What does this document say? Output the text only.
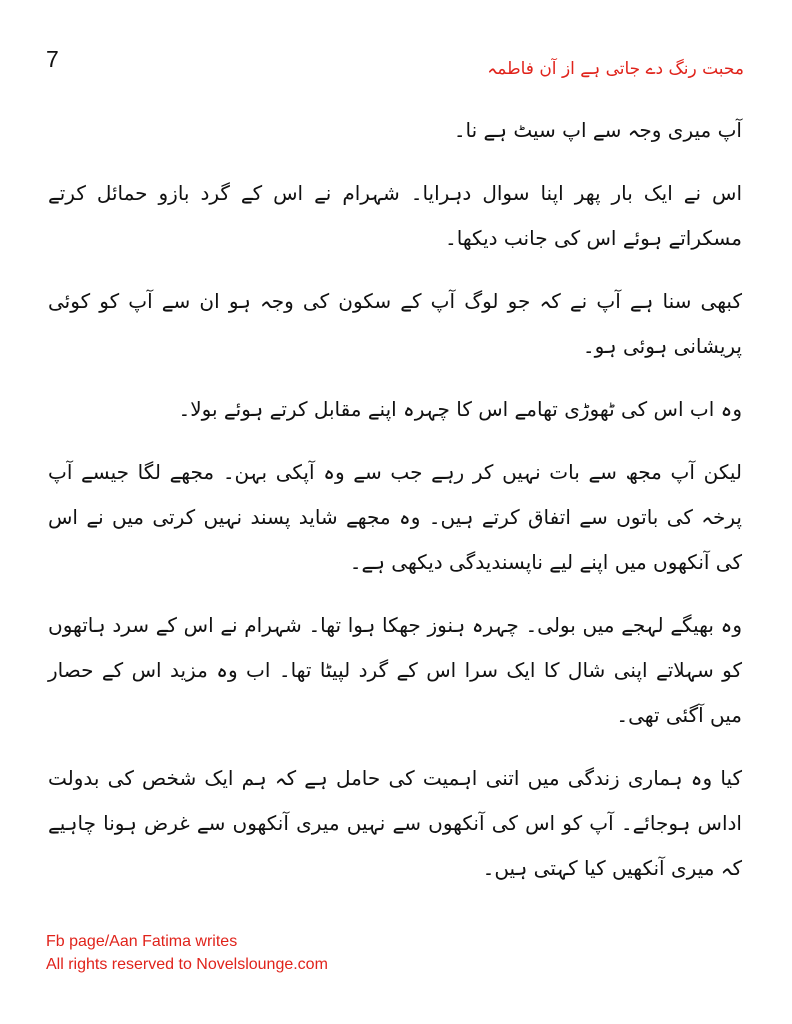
7	محبت رنگ دے جاتی ہے از آن فاطمہ

آپ میری وجہ سے اپ سیٹ ہے نا۔

اس نے ایک بار پھر اپنا سوال دہرایا۔ شہرام نے اس کے گرد بازو حمائل کرتے مسکراتے ہوئے اس کی جانب دیکھا۔

کبھی سنا ہے آپ نے کہ جو لوگ آپ کے سکون کی وجہ ہو ان سے آپ کو کوئی پریشانی ہوئی ہو۔

وہ اب اس کی ٹھوڑی تھامے اس کا چہرہ اپنے مقابل کرتے ہوئے بولا۔

لیکن آپ مجھ سے بات نہیں کر رہے جب سے وہ آپکی بہن۔ مجھے لگا جیسے آپ پرخہ کی باتوں سے اتفاق کرتے ہیں۔ وہ مجھے شاید پسند نہیں کرتی میں نے اس کی آنکھوں میں اپنے لیے ناپسندیدگی دیکھی ہے۔

وہ بھیگے لہجے میں بولی۔ چہرہ ہنوز جھکا ہوا تھا۔ شہرام نے اس کے سرد ہاتھوں کو سہلاتے اپنی شال کا ایک سرا اس کے گرد لپیٹا تھا۔ اب وہ مزید اس کے حصار میں آگئی تھی۔

کیا وہ ہماری زندگی میں اتنی اہمیت کی حامل ہے کہ ہم ایک شخص کی بدولت اداس ہوجائے۔ آپ کو اس کی آنکھوں سے نہیں میری آنکھوں سے غرض ہونا چاہیے کہ میری آنکھیں کیا کہتی ہیں۔

Fb page/Aan Fatima writes
All rights reserved to Novelslounge.com
